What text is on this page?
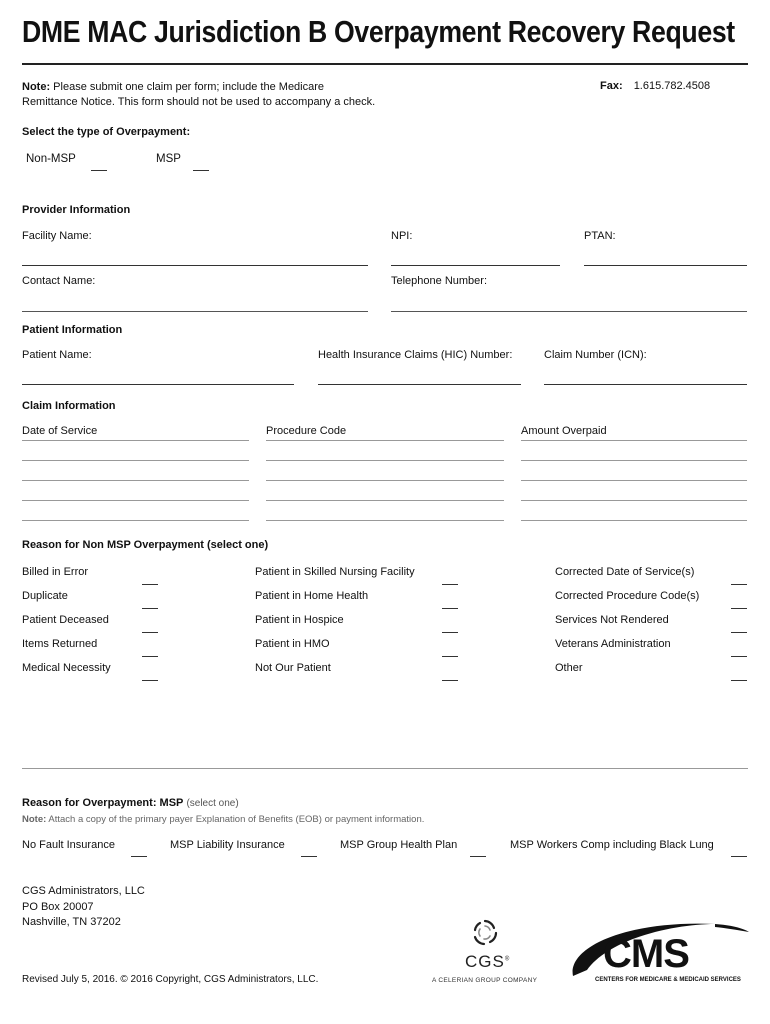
DME MAC Jurisdiction B Overpayment Recovery Request
Note: Please submit one claim per form; include the Medicare
Remittance Notice. This form should not be used to accompany a check.
Fax: 1.615.782.4508
Select the type of Overpayment:
Non-MSP	MSP
Provider Information
Facility Name:	NPI:	PTAN:
Contact Name:	Telephone Number:
Patient Information
Patient Name:	Health Insurance Claims (HIC) Number:	Claim Number (ICN):
Claim Information
Date of Service	Procedure Code	Amount Overpaid
Reason for Non MSP Overpayment (select one)
Billed in Error
Duplicate
Patient Deceased
Items Returned
Medical Necessity
Patient in Skilled Nursing Facility
Patient in Home Health
Patient in Hospice
Patient in HMO
Not Our Patient
Corrected Date of Service(s)
Corrected Procedure Code(s)
Services Not Rendered
Veterans Administration
Other
Reason for Overpayment: MSP (select one)
Note: Attach a copy of the primary payer Explanation of Benefits (EOB) or payment information.
No Fault Insurance	MSP Liability Insurance	MSP Group Health Plan	MSP Workers Comp including Black Lung
CGS Administrators, LLC
PO Box 20007
Nashville, TN 37202
Revised July 5, 2016. © 2016 Copyright, CGS Administrators, LLC.
CGS®
A CELERIAN GROUP COMPANY
CMS
CENTERS FOR MEDICARE & MEDICAID SERVICES
